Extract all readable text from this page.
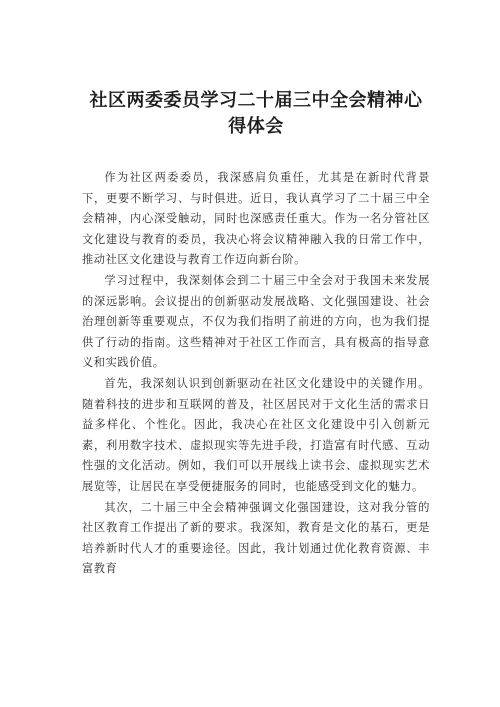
社区两委委员学习二十届三中全会精神心得体会

作为社区两委委员，我深感肩负重任，尤其是在新时代背景下，更要不断学习、与时俱进。近日，我认真学习了二十届三中全会精神，内心深受触动，同时也深感责任重大。作为一名分管社区文化建设与教育的委员，我决心将会议精神融入我的日常工作中，推动社区文化建设与教育工作迈向新台阶。

学习过程中，我深刻体会到二十届三中全会对于我国未来发展的深远影响。会议提出的创新驱动发展战略、文化强国建设、社会治理创新等重要观点，不仅为我们指明了前进的方向，也为我们提供了行动的指南。这些精神对于社区工作而言，具有极高的指导意义和实践价值。

首先，我深刻认识到创新驱动在社区文化建设中的关键作用。随着科技的进步和互联网的普及，社区居民对于文化生活的需求日益多样化、个性化。因此，我决心在社区文化建设中引入创新元素，利用数字技术、虚拟现实等先进手段，打造富有时代感、互动性强的文化活动。例如，我们可以开展线上读书会、虚拟现实艺术展览等，让居民在享受便捷服务的同时，也能感受到文化的魅力。

其次，二十届三中全会精神强调文化强国建设，这对我分管的社区教育工作提出了新的要求。我深知，教育是文化的基石，更是培养新时代人才的重要途径。因此，我计划通过优化教育资源、丰富教育
